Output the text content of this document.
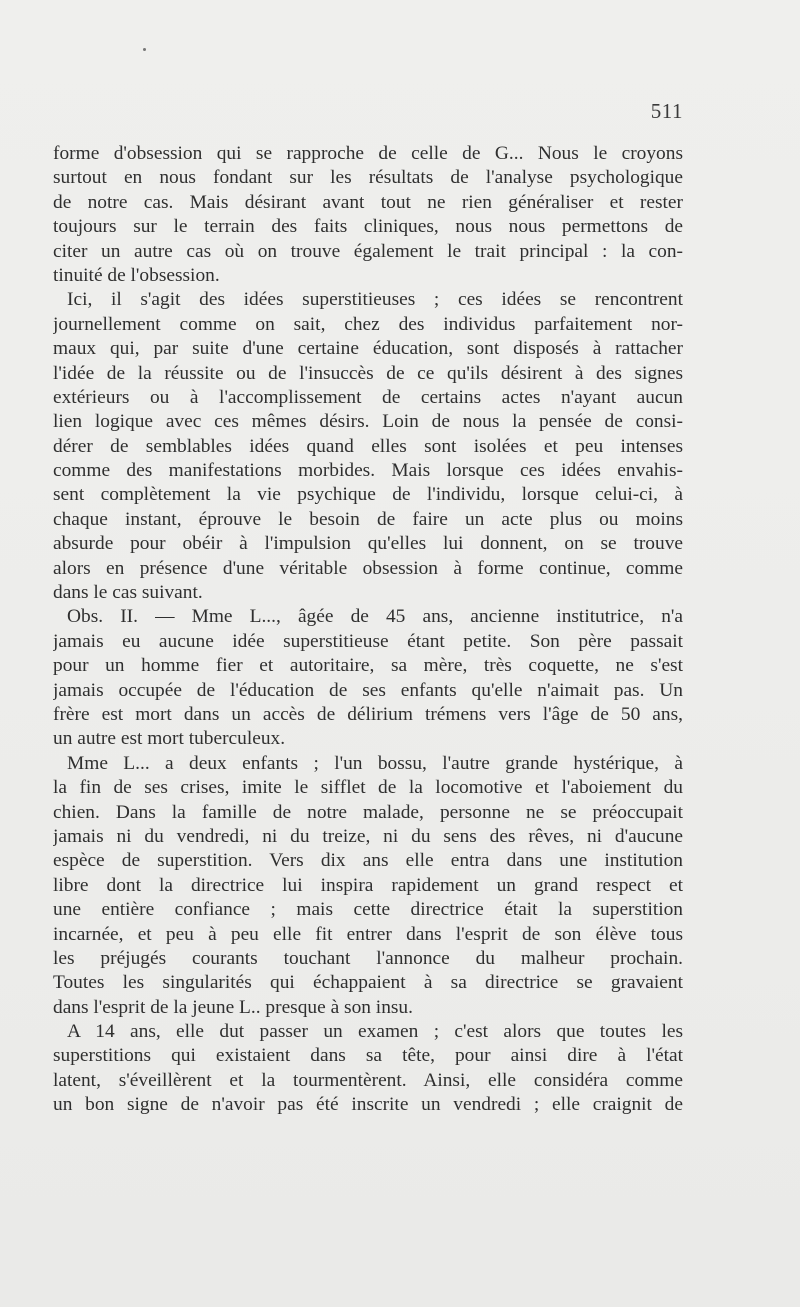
511
forme d'obsession qui se rapproche de celle de G... Nous le croyons
surtout en nous fondant sur les résultats de l'analyse psychologique
de notre cas. Mais désirant avant tout ne rien généraliser et rester
toujours sur le terrain des faits cliniques, nous nous permettons de
citer un autre cas où on trouve également le trait principal : la con-
tinuité de l'obsession.
Ici, il s'agit des idées superstitieuses ; ces idées se rencontrent
journellement comme on sait, chez des individus parfaitement nor-
maux qui, par suite d'une certaine éducation, sont disposés à rattacher
l'idée de la réussite ou de l'insuccès de ce qu'ils désirent à des signes
extérieurs ou à l'accomplissement de certains actes n'ayant aucun
lien logique avec ces mêmes désirs. Loin de nous la pensée de consi-
dérer de semblables idées quand elles sont isolées et peu intenses
comme des manifestations morbides. Mais lorsque ces idées envahis-
sent complètement la vie psychique de l'individu, lorsque celui-ci, à
chaque instant, éprouve le besoin de faire un acte plus ou moins
absurde pour obéir à l'impulsion qu'elles lui donnent, on se trouve
alors en présence d'une véritable obsession à forme continue, comme
dans le cas suivant.
Obs. II. — Mme L..., âgée de 45 ans, ancienne institutrice, n'a
jamais eu aucune idée superstitieuse étant petite. Son père passait
pour un homme fier et autoritaire, sa mère, très coquette, ne s'est
jamais occupée de l'éducation de ses enfants qu'elle n'aimait pas. Un
frère est mort dans un accès de délirium trémens vers l'âge de 50 ans,
un autre est mort tuberculeux.
Mme L... a deux enfants ; l'un bossu, l'autre grande hystérique, à
la fin de ses crises, imite le sifflet de la locomotive et l'aboiement du
chien. Dans la famille de notre malade, personne ne se préoccupait
jamais ni du vendredi, ni du treize, ni du sens des rêves, ni d'aucune
espèce de superstition. Vers dix ans elle entra dans une institution
libre dont la directrice lui inspira rapidement un grand respect et
une entière confiance ; mais cette directrice était la superstition
incarnée, et peu à peu elle fit entrer dans l'esprit de son élève tous
les préjugés courants touchant l'annonce du malheur prochain.
Toutes les singularités qui échappaient à sa directrice se gravaient
dans l'esprit de la jeune L.. presque à son insu.
A 14 ans, elle dut passer un examen ; c'est alors que toutes les
superstitions qui existaient dans sa tête, pour ainsi dire à l'état
latent, s'éveillèrent et la tourmentèrent. Ainsi, elle considéra comme
un bon signe de n'avoir pas été inscrite un vendredi ; elle craignit de
